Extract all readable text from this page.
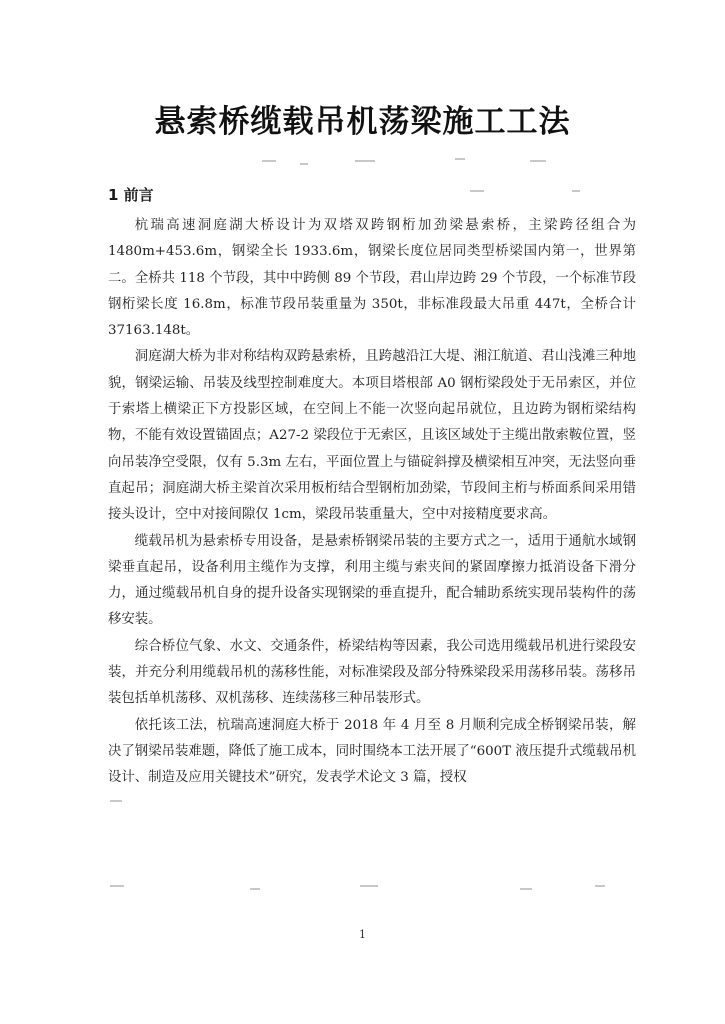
悬索桥缆载吊机荡梁施工工法
1 前言

杭瑞高速洞庭湖大桥设计为双塔双跨钢桁加劲梁悬索桥，主梁跨径组合为1480m+453.6m，钢梁全长 1933.6m，钢梁长度位居同类型桥梁国内第一，世界第二。全桥共 118 个节段，其中中跨侧 89 个节段，君山岸边跨 29 个节段，一个标准节段钢桁梁长度 16.8m，标准节段吊装重量为 350t，非标准段最大吊重 447t，全桥合计 37163.148t。

洞庭湖大桥为非对称结构双跨悬索桥，且跨越沿江大堤、湘江航道、君山浅滩三种地貌，钢梁运输、吊装及线型控制难度大。本项目塔根部 A0 钢桁梁段处于无吊索区，并位于索塔上横梁正下方投影区域，在空间上不能一次竖向起吊就位，且边跨为钢桁梁结构物，不能有效设置锚固点；A27-2 梁段位于无索区，且该区域处于主缆出散索鞍位置，竖向吊装净空受限，仅有 5.3m 左右，平面位置上与锚碇斜撑及横梁相互冲突，无法竖向垂直起吊；洞庭湖大桥主梁首次采用板桁结合型钢桁加劲梁，节段间主桁与桥面系间采用错接头设计，空中对接间隙仅 1cm，梁段吊装重量大，空中对接精度要求高。

缆载吊机为悬索桥专用设备，是悬索桥钢梁吊装的主要方式之一，适用于通航水域钢梁垂直起吊，设备利用主缆作为支撑，利用主缆与索夹间的紧固摩擦力抵消设备下滑分力，通过缆载吊机自身的提升设备实现钢梁的垂直提升，配合辅助系统实现吊装构件的荡移安装。

综合桥位气象、水文、交通条件，桥梁结构等因素，我公司选用缆载吊机进行梁段安装，并充分利用缆载吊机的荡移性能，对标准梁段及部分特殊梁段采用荡移吊装。荡移吊装包括单机荡移、双机荡移、连续荡移三种吊装形式。

依托该工法，杭瑞高速洞庭大桥于 2018 年 4 月至 8 月顺利完成全桥钢梁吊装，解决了钢梁吊装难题，降低了施工成本，同时围绕本工法开展了“600T 液压提升式缆载吊机设计、制造及应用关键技术”研究，发表学术论文 3 篇，授权

1
